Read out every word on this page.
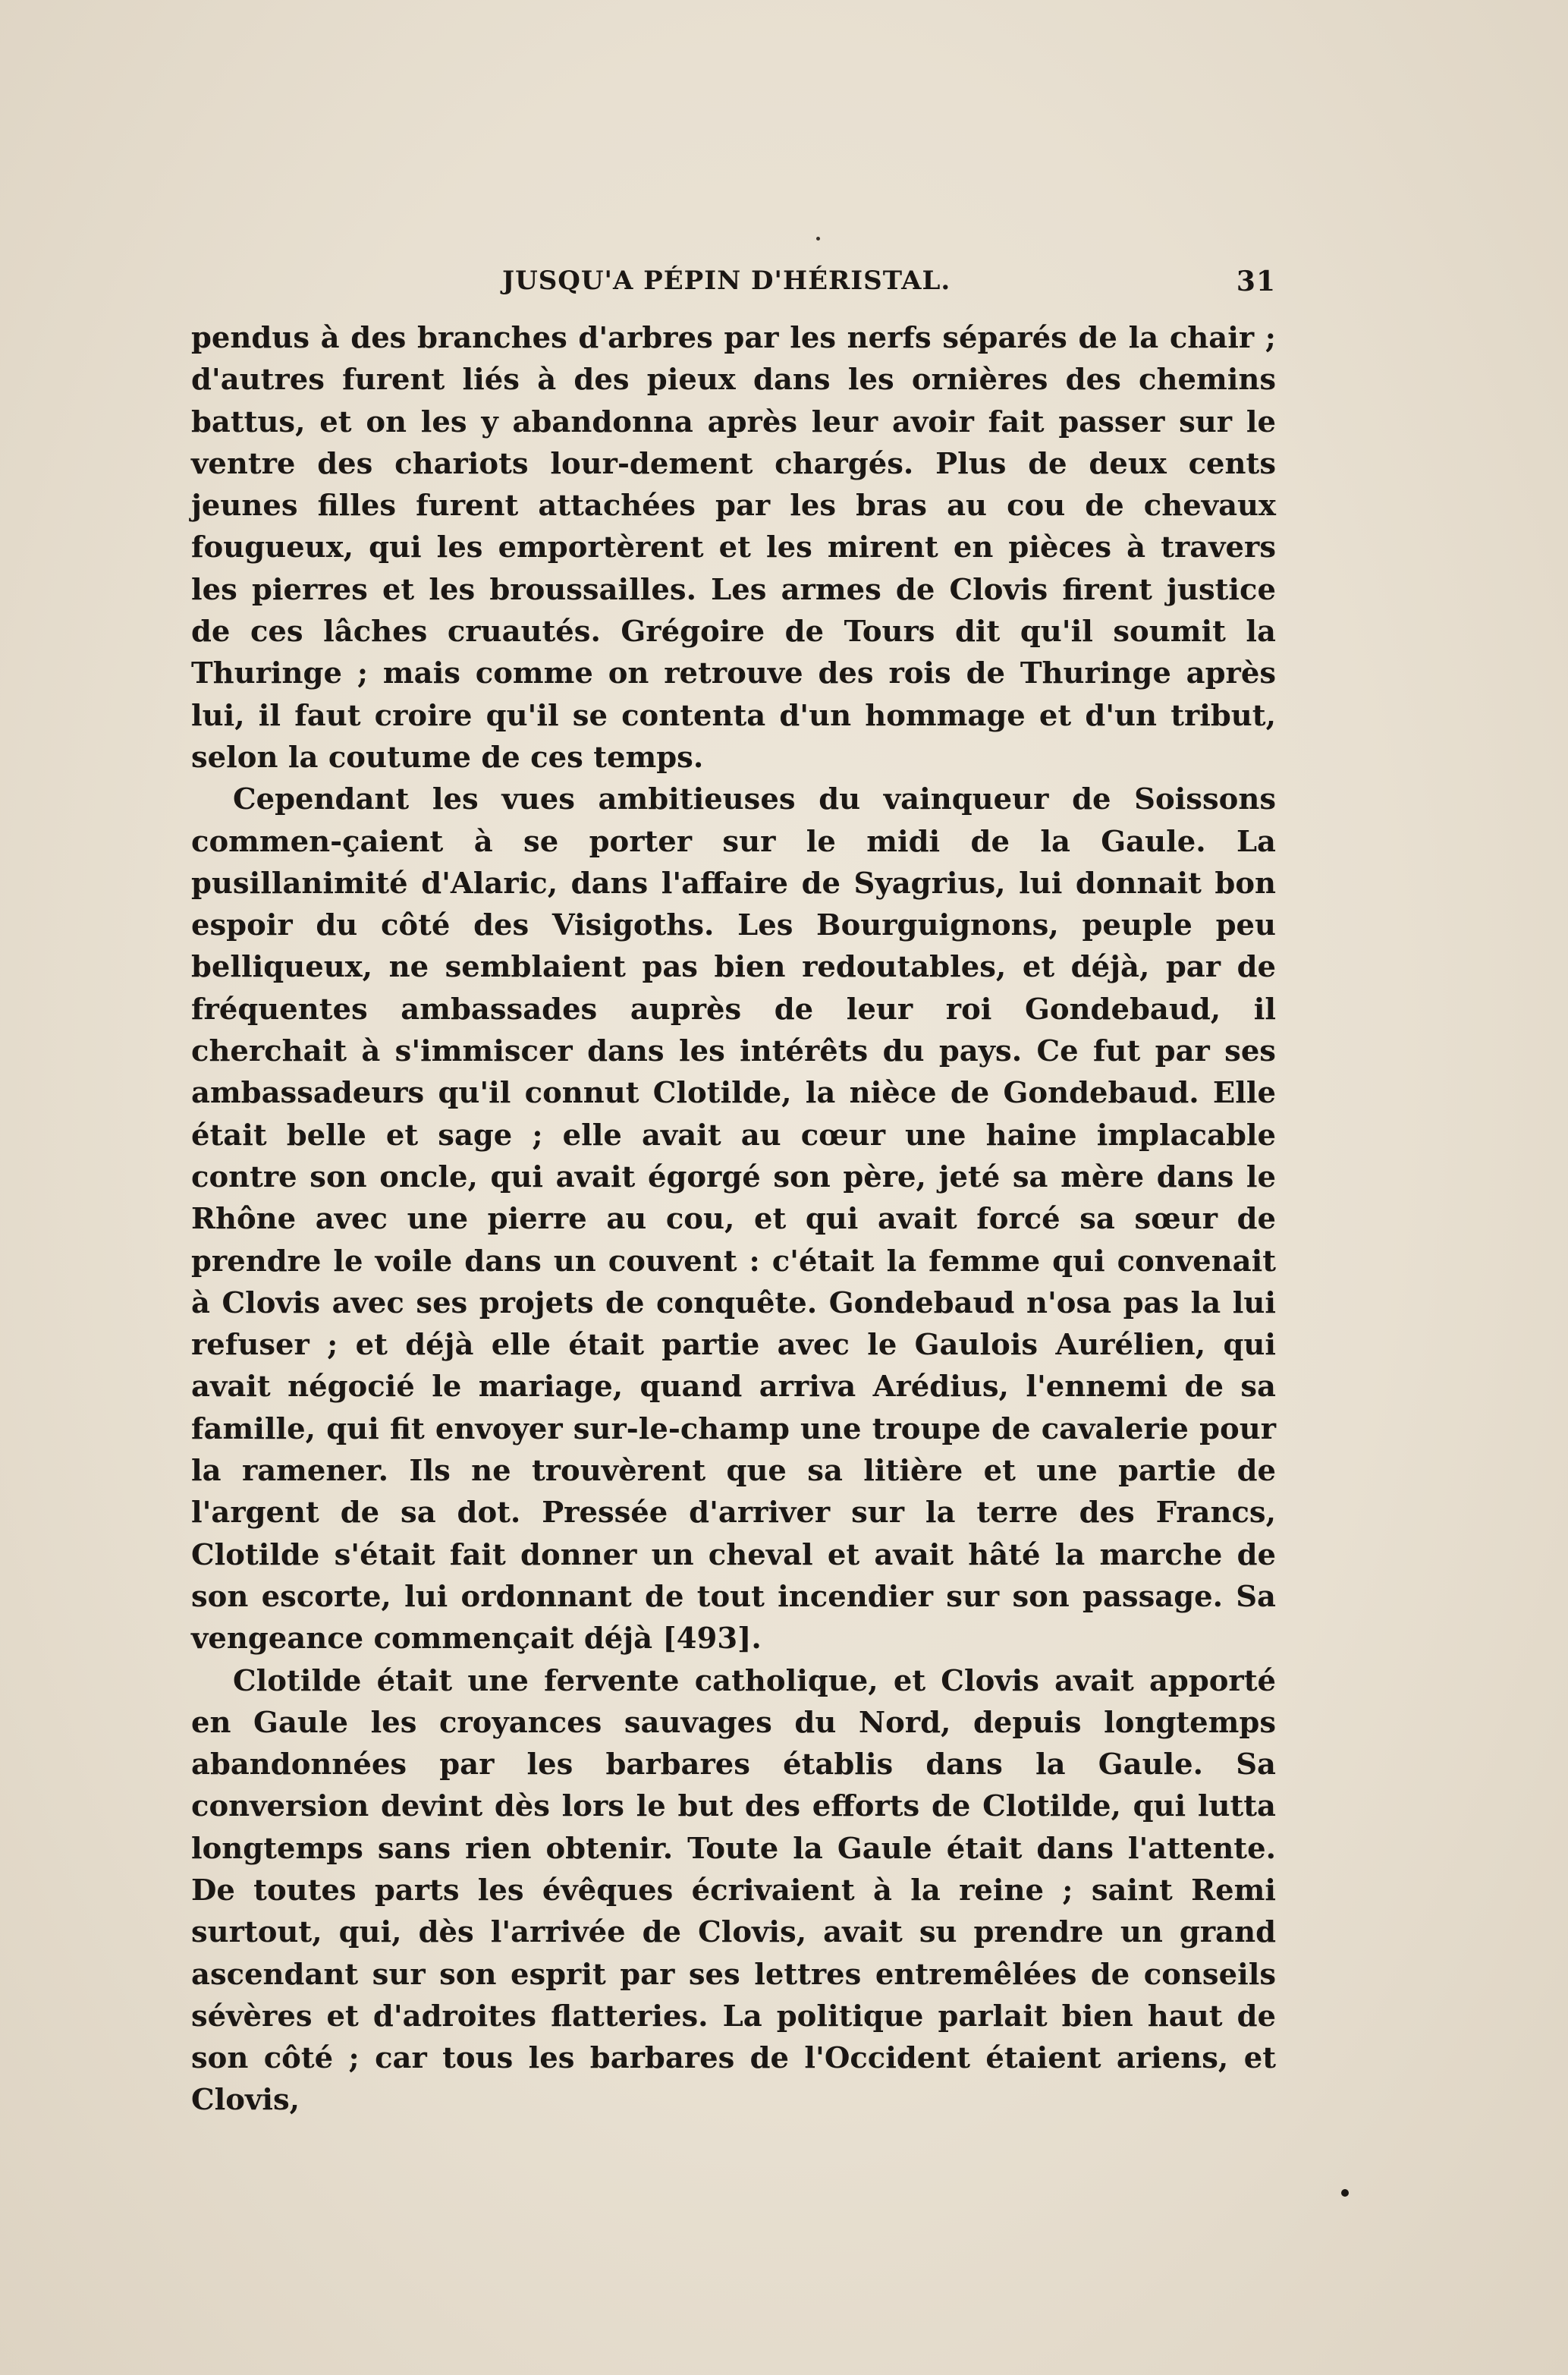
JUSQU'A PÉPIN D'HÉRISTAL.	31

pendus à des branches d'arbres par les nerfs séparés de la chair ; d'autres furent liés à des pieux dans les ornières des chemins battus, et on les y abandonna après leur avoir fait passer sur le ventre des chariots lour-dement chargés. Plus de deux cents jeunes filles furent attachées par les bras au cou de chevaux fougueux, qui les emportèrent et les mirent en pièces à travers les pierres et les broussailles. Les armes de Clovis firent justice de ces lâches cruautés. Grégoire de Tours dit qu'il soumit la Thuringe ; mais comme on retrouve des rois de Thuringe après lui, il faut croire qu'il se contenta d'un hommage et d'un tribut, selon la coutume de ces temps.

Cependant les vues ambitieuses du vainqueur de Soissons commen-çaient à se porter sur le midi de la Gaule. La pusillanimité d'Alaric, dans l'affaire de Syagrius, lui donnait bon espoir du côté des Visigoths. Les Bourguignons, peuple peu belliqueux, ne semblaient pas bien redoutables, et déjà, par de fréquentes ambassades auprès de leur roi Gondebaud, il cherchait à s'immiscer dans les intérêts du pays. Ce fut par ses ambassadeurs qu'il connut Clotilde, la nièce de Gondebaud. Elle était belle et sage ; elle avait au cœur une haine implacable contre son oncle, qui avait égorgé son père, jeté sa mère dans le Rhône avec une pierre au cou, et qui avait forcé sa sœur de prendre le voile dans un couvent : c'était la femme qui convenait à Clovis avec ses projets de conquête. Gondebaud n'osa pas la lui refuser ; et déjà elle était partie avec le Gaulois Aurélien, qui avait négocié le mariage, quand arriva Arédius, l'ennemi de sa famille, qui fit envoyer sur-le-champ une troupe de cavalerie pour la ramener. Ils ne trouvèrent que sa litière et une partie de l'argent de sa dot. Pressée d'arriver sur la terre des Francs, Clotilde s'était fait donner un cheval et avait hâté la marche de son escorte, lui ordonnant de tout incendier sur son passage. Sa vengeance commençait déjà [493].

Clotilde était une fervente catholique, et Clovis avait apporté en Gaule les croyances sauvages du Nord, depuis longtemps abandonnées par les barbares établis dans la Gaule. Sa conversion devint dès lors le but des efforts de Clotilde, qui lutta longtemps sans rien obtenir. Toute la Gaule était dans l'attente. De toutes parts les évêques écrivaient à la reine ; saint Remi surtout, qui, dès l'arrivée de Clovis, avait su prendre un grand ascendant sur son esprit par ses lettres entremêlées de conseils sévères et d'adroites flatteries. La politique parlait bien haut de son côté ; car tous les barbares de l'Occident étaient ariens, et Clovis,
